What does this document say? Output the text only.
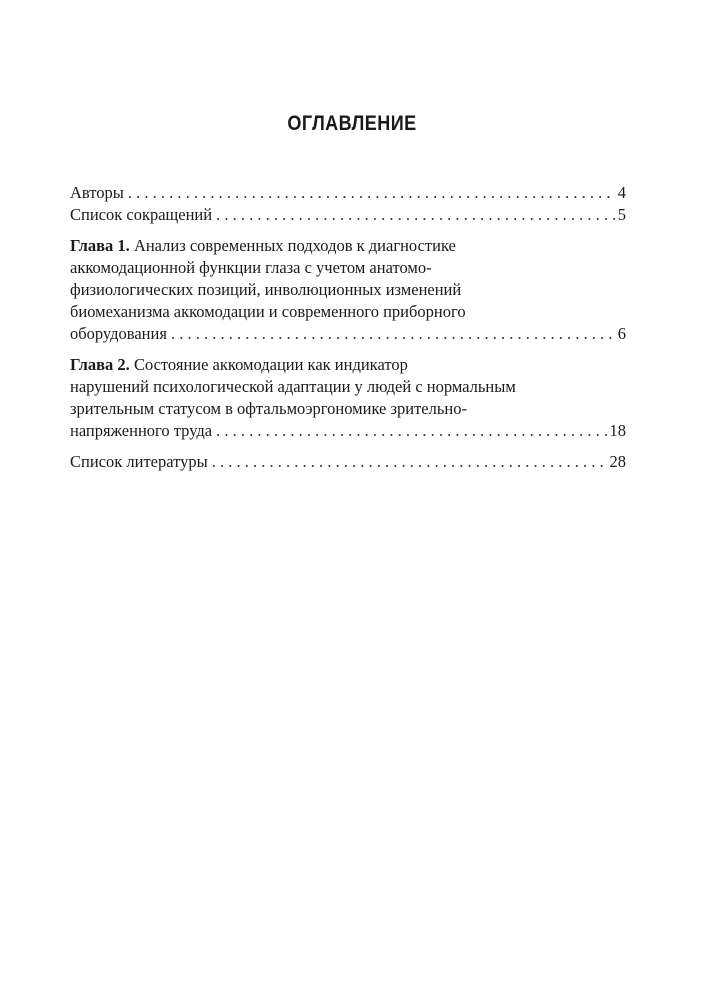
ОГЛАВЛЕНИЕ
Авторы . . .	4
Список сокращений . . .	5
Глава 1. Анализ современных подходов к диагностике
аккомодационной функции глаза с учетом анатомо-
физиологических позиций, инволюционных изменений
биомеханизма аккомодации и современного приборного
оборудования . . .	6
Глава 2. Состояние аккомодации как индикатор
нарушений психологической адаптации у людей с нормальным
зрительным статусом в офтальмоэргономике зрительно-
напряженного труда . . .	18
Список литературы . . .	28
